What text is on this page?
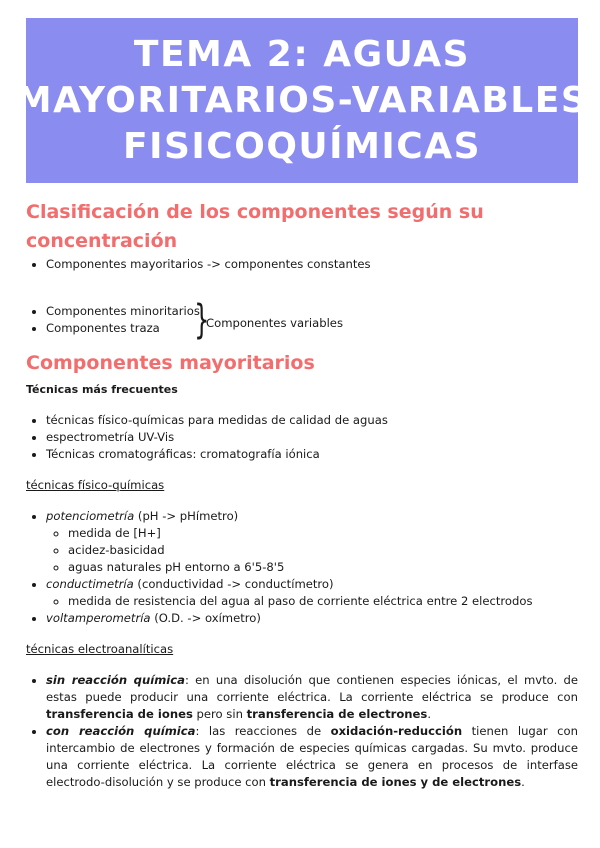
TEMA 2: AGUAS
MAYORITARIOS-VARIABLES
FISICOQUÍMICAS
Clasificación de los componentes según su
concentración
• Componentes mayoritarios -> componentes constantes
• Componentes minoritarios
• Componentes traza }
Componentes variables
Componentes mayoritarios

Técnicas más frecuentes

• técnicas físico-químicas para medidas de calidad de aguas
• espectrometría UV-Vis
• Técnicas cromatográficas: cromatografía iónica

técnicas físico-químicas

• potenciometría (pH -> pHímetro)
◦ medida de [H+]
◦ acidez-basicidad
◦ aguas naturales pH entorno a 6'5-8'5
• conductimetría (conductividad -> conductímetro)
◦ medida de resistencia del agua al paso de corriente eléctrica entre 2 electrodos
• voltamperometría (O.D. -> oxímetro)

técnicas electroanalíticas

• sin reacción química: en una disolución que contienen especies iónicas, el mvto. de estas puede producir una corriente eléctrica. La corriente eléctrica se produce con transferencia de iones pero sin transferencia de electrones.
• con reacción química: las reacciones de oxidación-reducción tienen lugar con intercambio de electrones y formación de especies químicas cargadas. Su mvto. produce una corriente eléctrica. La corriente eléctrica se genera en procesos de interfase electrodo-disolución y se produce con transferencia de iones y de electrones.
